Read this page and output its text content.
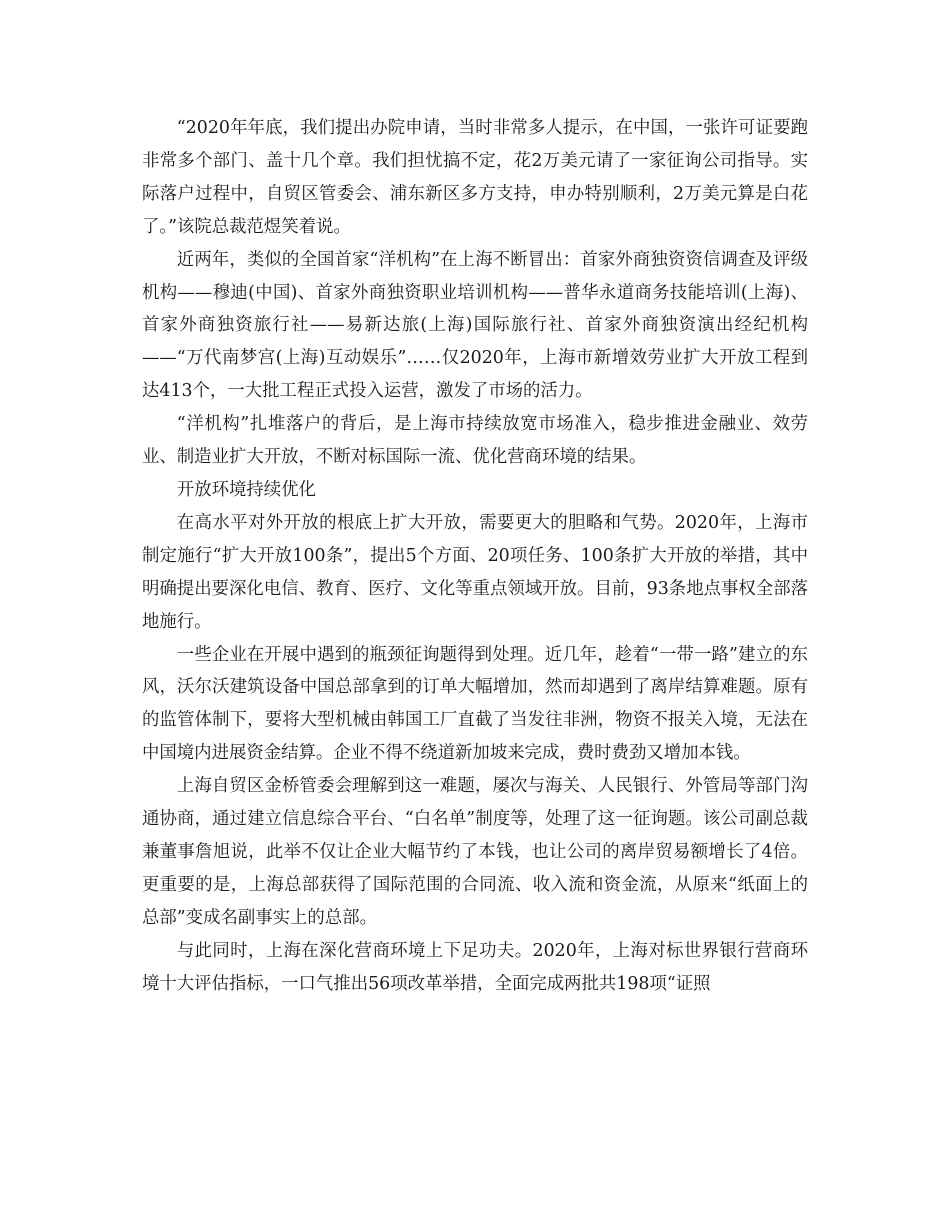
“2020年年底，我们提出办院申请，当时非常多人提示，在中国，一张许可证要跑非常多个部门、盖十几个章。我们担忧搞不定，花2万美元请了一家征询公司指导。实际落户过程中，自贸区管委会、浦东新区多方支持，申办特别顺利，2万美元算是白花了。”该院总裁范煜笑着说。

近两年，类似的全国首家“洋机构”在上海不断冒出：首家外商独资资信调查及评级机构——穆迪(中国)、首家外商独资职业培训机构——普华永道商务技能培训(上海)、首家外商独资旅行社——易新达旅(上海)国际旅行社、首家外商独资演出经纪机构——“万代南梦宫(上海)互动娱乐”……仅2020年，上海市新增效劳业扩大开放工程到达413个，一大批工程正式投入运营，激发了市场的活力。

“洋机构”扎堆落户的背后，是上海市持续放宽市场准入，稳步推进金融业、效劳业、制造业扩大开放，不断对标国际一流、优化营商环境的结果。

开放环境持续优化

在高水平对外开放的根底上扩大开放，需要更大的胆略和气势。2020年，上海市制定施行“扩大开放100条”，提出5个方面、20项任务、100条扩大开放的举措，其中明确提出要深化电信、教育、医疗、文化等重点领域开放。目前，93条地点事权全部落地施行。

一些企业在开展中遇到的瓶颈征询题得到处理。近几年，趁着“一带一路”建立的东风，沃尔沃建筑设备中国总部拿到的订单大幅增加，然而却遇到了离岸结算难题。原有的监管体制下，要将大型机械由韩国工厂直截了当发往非洲，物资不报关入境，无法在中国境内进展资金结算。企业不得不绕道新加坡来完成，费时费劲又增加本钱。

上海自贸区金桥管委会理解到这一难题，屡次与海关、人民银行、外管局等部门沟通协商，通过建立信息综合平台、“白名单”制度等，处理了这一征询题。该公司副总裁兼董事詹旭说，此举不仅让企业大幅节约了本钱，也让公司的离岸贸易额增长了4倍。更重要的是，上海总部获得了国际范围的合同流、收入流和资金流，从原来“纸面上的总部”变成名副事实上的总部。

与此同时，上海在深化营商环境上下足功夫。2020年，上海对标世界银行营商环境十大评估指标，一口气推出56项改革举措，全面完成两批共198项“证照
